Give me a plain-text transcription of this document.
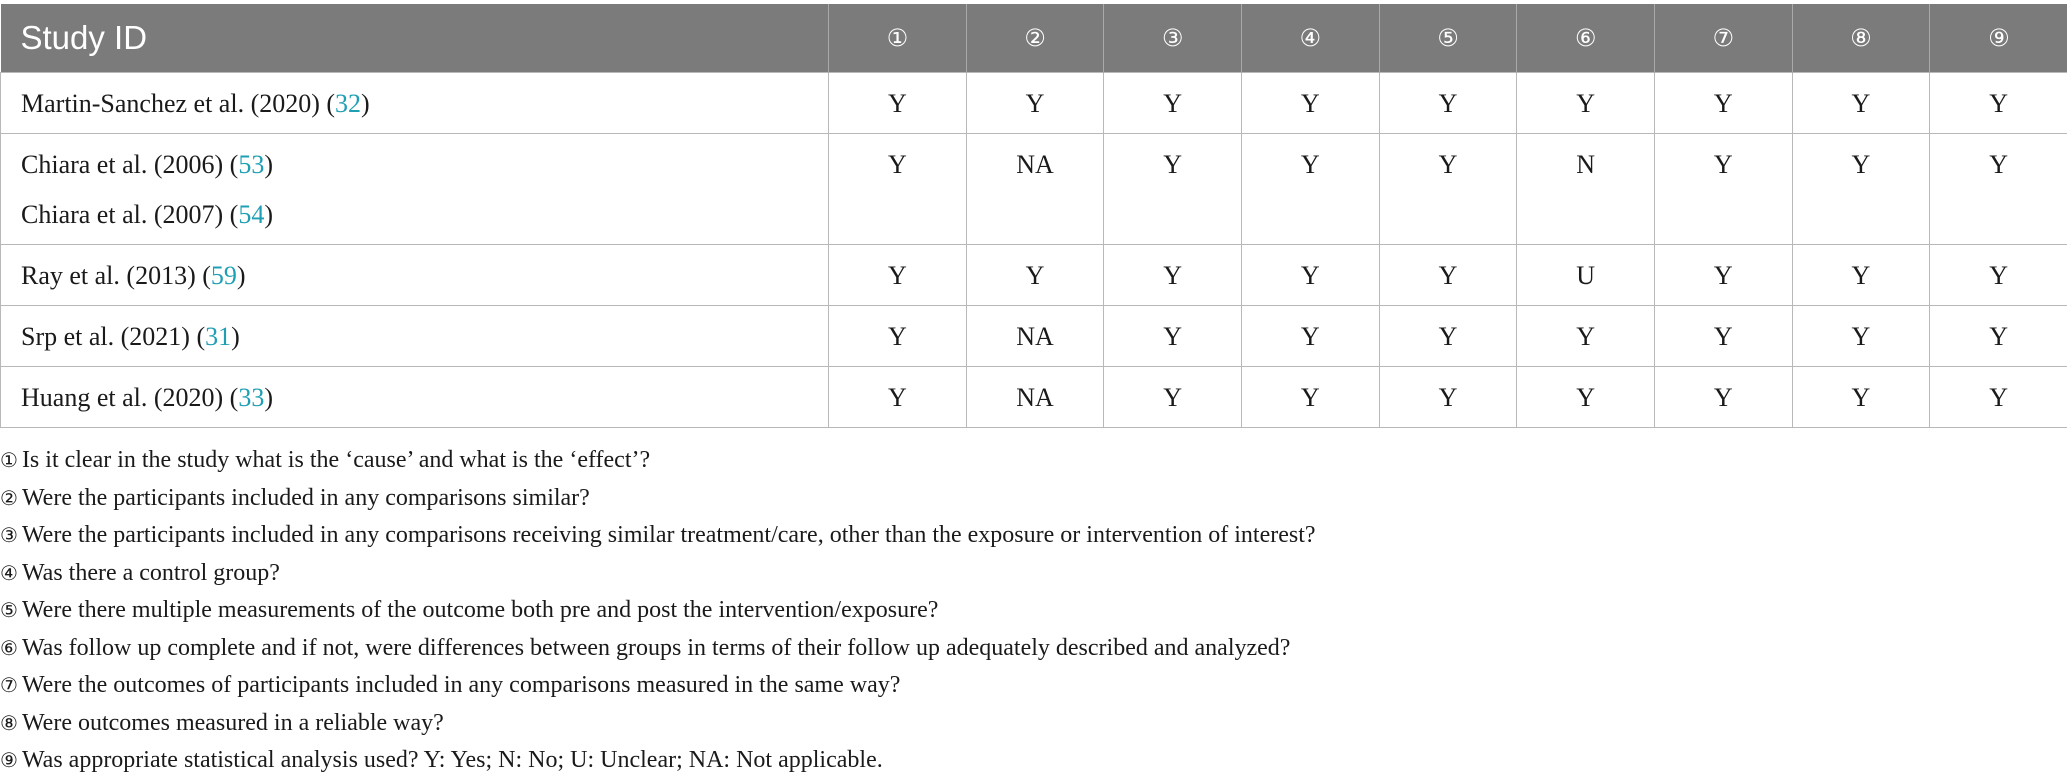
Study ID	①	②	③	④	⑤	⑥	⑦	⑧	⑨

Martin-Sanchez et al. (2020) (32)	Y	Y	Y	Y	Y	Y	Y	Y	Y

Chiara et al. (2006) (53)
Chiara et al. (2007) (54)	Y	NA	Y	Y	Y	N	Y	Y	Y

Ray et al. (2013) (59)	Y	Y	Y	Y	Y	U	Y	Y	Y

Srp et al. (2021) (31)	Y	NA	Y	Y	Y	Y	Y	Y	Y

Huang et al. (2020) (33)	Y	NA	Y	Y	Y	Y	Y	Y	Y
① Is it clear in the study what is the ‘cause’ and what is the ‘effect’?
② Were the participants included in any comparisons similar?
③ Were the participants included in any comparisons receiving similar treatment/care, other than the exposure or intervention of interest?
④ Was there a control group?
⑤ Were there multiple measurements of the outcome both pre and post the intervention/exposure?
⑥ Was follow up complete and if not, were differences between groups in terms of their follow up adequately described and analyzed?
⑦ Were the outcomes of participants included in any comparisons measured in the same way?
⑧ Were outcomes measured in a reliable way?
⑨ Was appropriate statistical analysis used? Y: Yes; N: No; U: Unclear; NA: Not applicable.
